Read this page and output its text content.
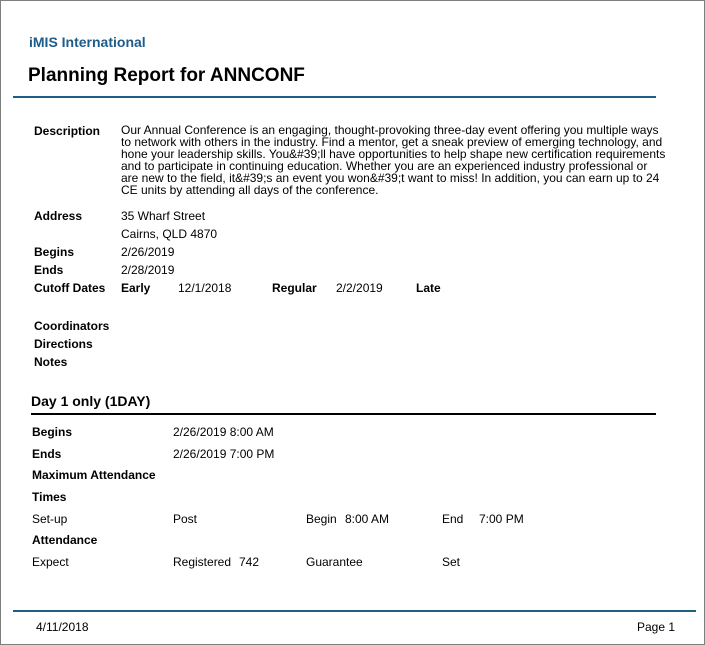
iMIS International
Planning Report for ANNCONF
Description Our Annual Conference is an engaging, thought-provoking three-day event offering you multiple ways to network with others in the industry. Find a mentor, get a sneak preview of emerging technology, and hone your leadership skills. You&#39;ll have opportunities to help shape new certification requirements and to participate in continuing education. Whether you are an experienced industry professional or are new to the field, it&#39;s an event you won&#39;t want to miss! In addition, you can earn up to 24 CE units by attending all days of the conference.
Address	35 Wharf Street
Cairns, QLD 4870
Begins	2/26/2019
Ends	2/28/2019
Cutoff Dates Early 12/1/2018	Regular 2/2/2019	Late
Coordinators
Directions
Notes
Day 1 only (1DAY)
Begins	2/26/2019 8:00 AM
Ends	2/26/2019 7:00 PM
Maximum Attendance
Times
Set-up	Post	Begin 8:00 AM	End 7:00 PM
Attendance
Expect	Registered 742	Guarantee	Set
4/11/2018	Page 1
